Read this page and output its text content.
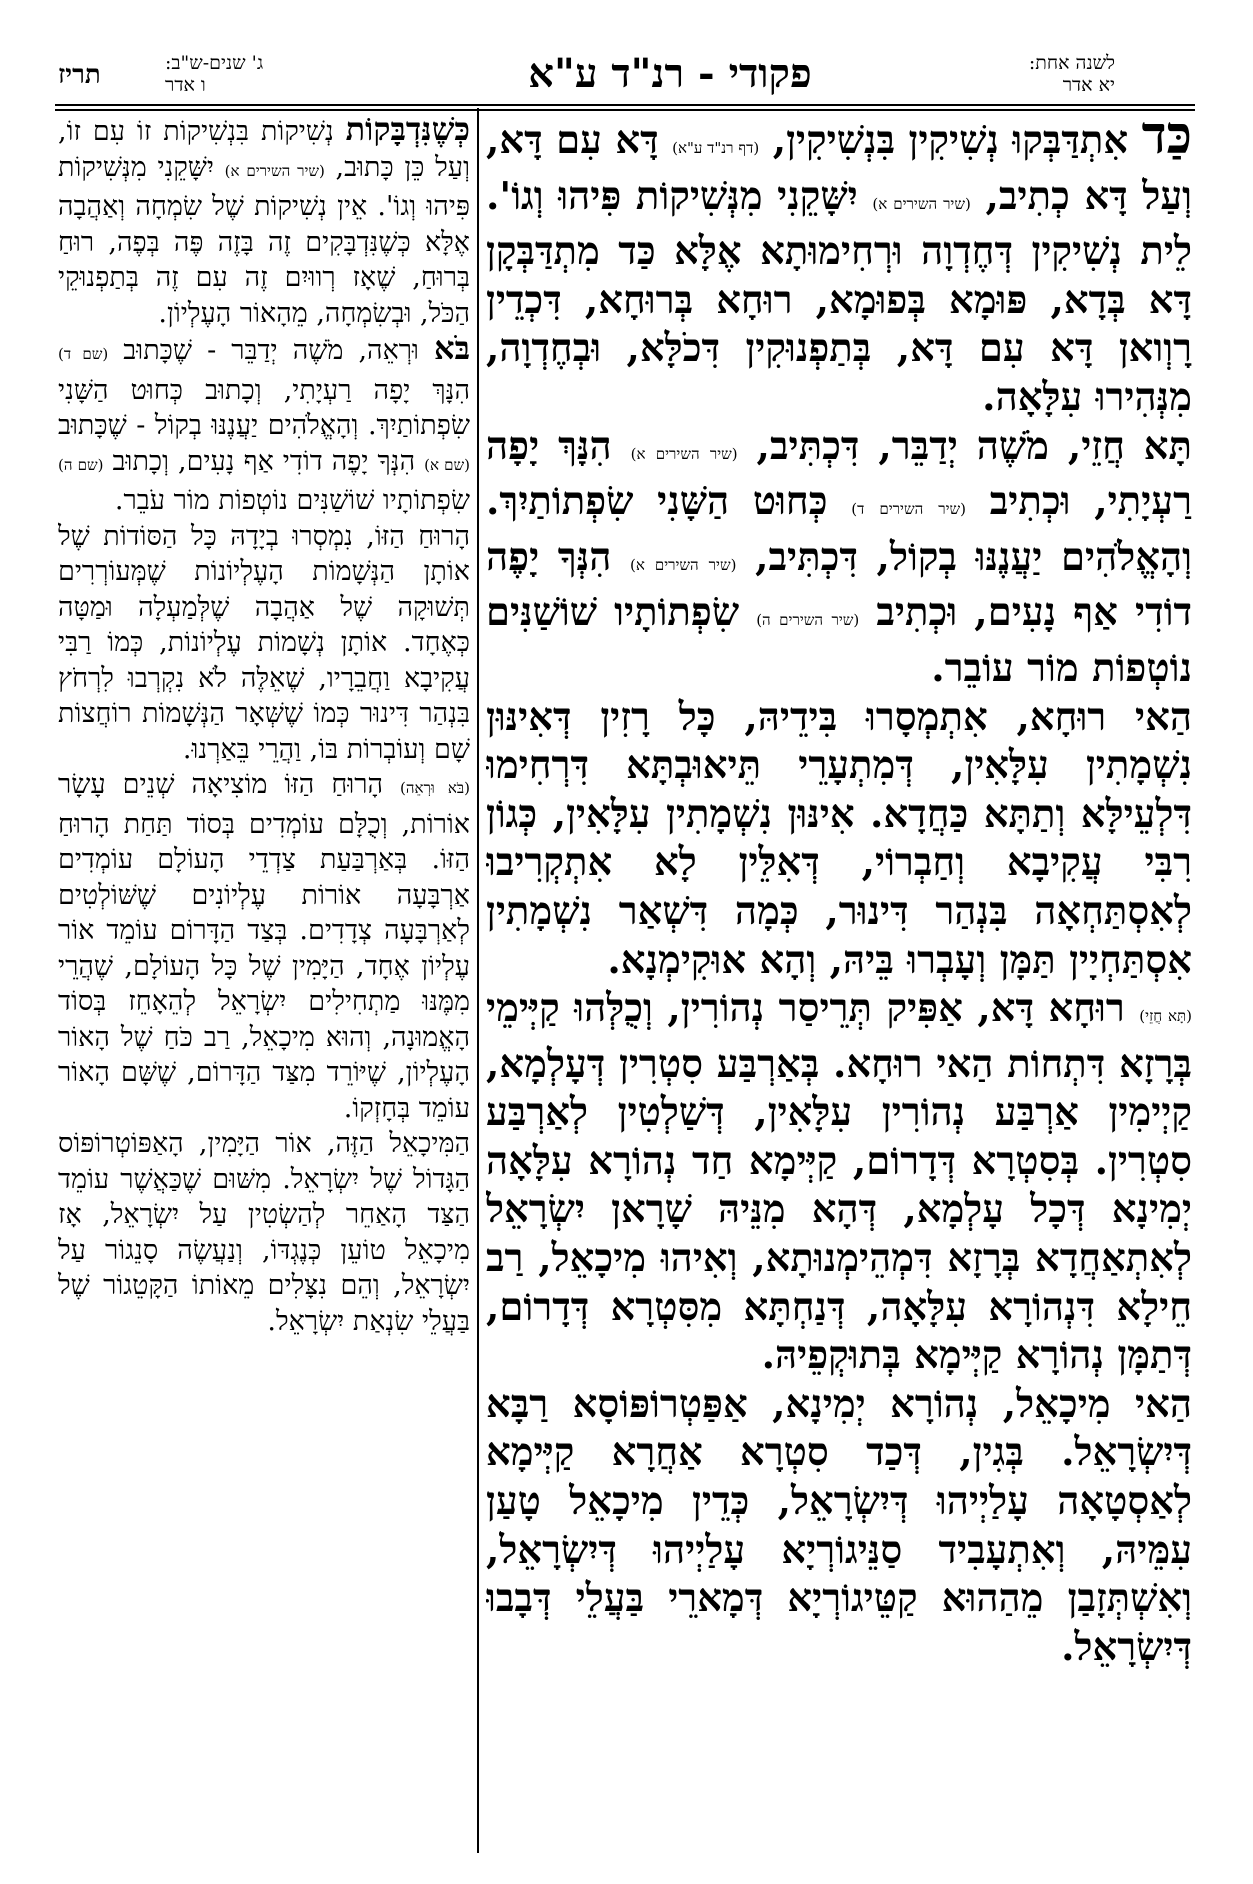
לשנה אחת:
יא אדר
פקודי - רנ"ד ע"א
ג' שנים-ש"ב:
ו אדר
תריז

כַּד אִתְדַּבְּקוּ נְשִׁיקִין בִּנְשִׁיקִין, (דף רנ"ד ע"א) דָּא עִם דָּא, וְעַל דָּא כְתִיב, (שיר השירים א) יִשָּׁקֵנִי מִנְּשִׁיקוֹת פִּיהוּ וְגוֹ'. לֵית נְשִׁיקִין דְּחֶדְוָה וּרְחִימוּתָא אֶלָּא כַּד מִתְדַּבְּקָן דָּא בְּדָא, פּוּמָא בְּפוּמָא, רוּחָא בְּרוּחָא, דִּכְדֵין רָוְואן דָּא עִם דָּא, בְּתַפְנוּקִין דִּכֹלָּא, וּבְחֶדְוָה, מִנְּהִירוּ עִלָּאָה.

תָּא חֲזֵי, מֹשֶׁה יְדַבֵּר, דִּכְתִּיב, (שיר השירים א) הִנָּךְ יָפָה רַעְיָתִי, וּכְתִיב (שיר השירים ד) כְּחוּט הַשָּׁנִי שִׂפְתוֹתַיִךְ. וְהָאֱלֹהִים יַעֲנֶנּוּ בְקוֹל, דִּכְתִּיב, (שיר השירים א) הִנְּךָ יָפֶה דוֹדִי אַף נָעִים, וּכְתִיב (שיר השירים ה) שִׂפְתוֹתָיו שׁוֹשַׁנִּים נוֹטְפוֹת מוֹר עוֹבֵר.

הַאי רוּחָא, אִתְמְסָרוּ בִּידֵיהּ, כָּל רָזִין דְּאִינּוּן נִשְׁמָתִין עִלָּאִין, דְּמִתְעָרֵי תֵּיאוּבְתָּא דִּרְחִימוּ דִּלְעֵילָּא וְתַתָּא כַּחֲדָא. אִינּוּן נִשְׁמָתִין עִלָּאִין, כְּגוֹן רִבִּי עֲקִיבָא וְחַבְרוֹי, דְּאִלֵּין לָא אִתְקְרִיבוּ לְאִסְתַּחְאָה בִּנְהַר דִּינוּר, כְּמָה דִּשְׁאַר נִשְׁמָתִין אִסְתַּחְיָין תַּמָּן וְעָבְרוּ בֵּיהּ, וְהָא אוּקִימְנָא.

(תָּא חֲזֵי) רוּחָא דָּא, אַפִּיק תְּרֵיסַר נְהוֹרִין, וְכֻלְּהוּ קַיְּימֵי בְּרָזָא דִּתְחוֹת הַאי רוּחָא. בְּאַרְבַּע סִטְרִין דְּעָלְמָא, קַיְימִין אַרְבַּע נְהוֹרִין עִלָּאִין, דְּשַׁלְטִין לְאַרְבַּע סִטְרִין. בְּסִטְרָא דְּדָרוֹם, קַיְּימָא חַד נְהוֹרָא עִלָּאָה יְמִינָא דְּכָל עָלְמָא, דְּהָא מִנֵּיהּ שָׁרָאן יִשְׂרָאֵל לְאִתְאַחֲדָא בְּרָזָא דִּמְהֵימְנוּתָא, וְאִיהוּ מִיכָאֵל, רַב חֵילָא דִּנְהוֹרָא עִלָּאָה, דְּנַחְתָּא מִסִּטְרָא דְּדָרוֹם, דְּתַמָּן נְהוֹרָא קַיְּימָא בְּתוּקְפֵיהּ.

הַאי מִיכָאֵל, נְהוֹרָא יְמִינָא, אַפַּטְרוֹפּוֹסָא רַבָּא דְּיִשְׂרָאֵל. בְּגִין, דְּכַד סִטְרָא אַחֲרָא קַיְּימָא לְאַסְטָאָה עָלַיְיהוּ דְּיִשְׂרָאֵל, כְּדֵין מִיכָאֵל טָעַן עִמֵּיהּ, וְאִתְעָבִיד סַנֵּיגוֹרְיָא עָלַיְיהוּ דְּיִשְׂרָאֵל, וְאִשְׁתְּזָבַן מֵהַהוּא קַטֵּיגוֹרְיָא דְּמָארֵי בַּעֲלֵי דְּבָבוּ דְּיִשְׂרָאֵל.

כְּשֶׁנִּדְבָּקוֹת נְשִׁיקוֹת בִּנְשִׁיקוֹת זוֹ עִם זוֹ, וְעַל כֵּן כָּתוּב, (שיר השירים א) יִשָּׁקֵנִי מִנְּשִׁיקוֹת פִּיהוּ וְגוֹ'. אֵין נְשִׁיקוֹת שֶׁל שִׂמְחָה וְאַהֲבָה אֶלָּא כְּשֶׁנִּדְבָּקִים זֶה בָּזֶה פֶּה בְּפֶה, רוּחַ בְּרוּחַ, שֶׁאָז רְווּיִם זֶה עִם זֶה בְּתַפְנוּקֵי הַכֹּל, וּבְשִׂמְחָה, מֵהָאוֹר הָעֶלְיוֹן.

בֹּא וּרְאֵה, מֹשֶׁה יְדַבֵּר - שֶׁכָּתוּב (שם ד) הִנָּךְ יָפָה רַעְיָתִי, וְכָתוּב כְּחוּט הַשָּׁנִי שִׂפְתוֹתַיִךְ. וְהָאֱלֹהִים יַעֲנֶנּוּ בְקוֹל - שֶׁכָּתוּב (שם א) הִנְּךָ יָפֶה דוֹדִי אַף נָעִים, וְכָתוּב (שם ה) שִׂפְתוֹתָיו שׁוֹשַׁנִּים נוֹטְפוֹת מוֹר עֹבֵר.

הָרוּחַ הַזּוֹ, נִמְסְרוּ בְיָדָהּ כָּל הַסּוֹדוֹת שֶׁל אוֹתָן הַנְּשָׁמוֹת הָעֶלְיוֹנוֹת שֶׁמְּעוֹרְרִים תְּשׁוּקָה שֶׁל אַהֲבָה שֶׁלְּמַעְלָה וּמַטָּה כְּאֶחָד. אוֹתָן נְשָׁמוֹת עֶלְיוֹנוֹת, כְּמוֹ רַבִּי עֲקִיבָא וַחֲבֵרָיו, שֶׁאֵלֶּה לֹא נִקְרְבוּ לִרְחֹץ בִּנְהַר דִּינוּר כְּמוֹ שֶׁשְּׁאָר הַנְּשָׁמוֹת רוֹחֲצוֹת שָׁם וְעוֹבְרוֹת בּוֹ, וַהֲרֵי בֵּאַרְנוּ.

(בֹּא וּרְאֵה) הָרוּחַ הַזּוֹ מוֹצִיאָה שְׁנֵים עָשָׂר אוֹרוֹת, וְכֻלָּם עוֹמְדִים בְּסוֹד תַּחַת הָרוּחַ הַזּוֹ. בְּאַרְבַּעַת צַדְדֵי הָעוֹלָם עוֹמְדִים אַרְבָּעָה אוֹרוֹת עֶלְיוֹנִים שֶׁשּׁוֹלְטִים לְאַרְבָּעָה צְדָדִים. בְּצַד הַדָּרוֹם עוֹמֵד אוֹר עֶלְיוֹן אֶחָד, הַיָּמִין שֶׁל כָּל הָעוֹלָם, שֶׁהֲרֵי מִמֶּנּוּ מַתְחִילִים יִשְׂרָאֵל לְהֵאָחֵז בְּסוֹד הָאֱמוּנָה, וְהוּא מִיכָאֵל, רַב כֹּחַ שֶׁל הָאוֹר הָעֶלְיוֹן, שֶׁיּוֹרֵד מִצַּד הַדָּרוֹם, שֶׁשָּׁם הָאוֹר עוֹמֵד בְּחָזְקוֹ.

הַמִּיכָאֵל הַזֶּה, אוֹר הַיָּמִין, הָאַפּוֹטְרוֹפּוֹס הַגָּדוֹל שֶׁל יִשְׂרָאֵל. מִשּׁוּם שֶׁכַּאֲשֶׁר עוֹמֵד הַצַּד הָאַחֵר לְהַשְׂטִין עַל יִשְׂרָאֵל, אָז מִיכָאֵל טוֹעֵן כְּנֶגְדּוֹ, וְנַעֲשֶׂה סָנֵגוֹר עַל יִשְׂרָאֵל, וְהֵם נִצָּלִים מֵאוֹתוֹ הַקָּטֵגוֹר שֶׁל בַּעֲלֵי שִׂנְאַת יִשְׂרָאֵל.
